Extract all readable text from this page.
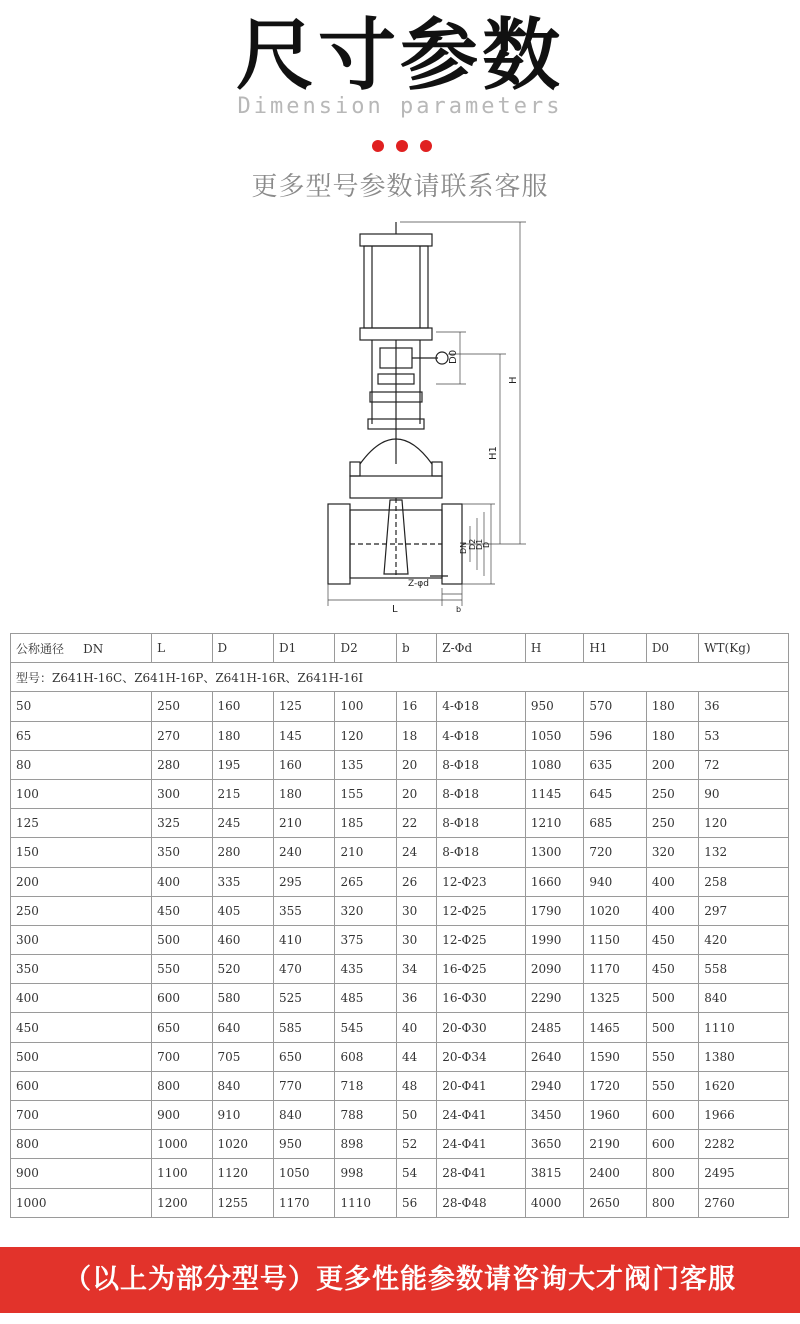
尺寸参数
Dimension parameters
更多型号参数请联系客服
H
H1
D0
DN D2
D1
D
Z-φd
L	b
公称通径     DN	L	D	D1	D2	b	Z-Φd	H	H1	D0	WT(Kg)
型号：Z641H-16C、Z641H-16P、Z641H-16R、Z641H-16I										
50	250	160	125	100	16	4-Φ18	950	570	180	36
65	270	180	145	120	18	4-Φ18	1050	596	180	53
80	280	195	160	135	20	8-Φ18	1080	635	200	72
100	300	215	180	155	20	8-Φ18	1145	645	250	90
125	325	245	210	185	22	8-Φ18	1210	685	250	120
150	350	280	240	210	24	8-Φ18	1300	720	320	132
200	400	335	295	265	26	12-Φ23	1660	940	400	258
250	450	405	355	320	30	12-Φ25	1790	1020	400	297
300	500	460	410	375	30	12-Φ25	1990	1150	450	420
350	550	520	470	435	34	16-Φ25	2090	1170	450	558
400	600	580	525	485	36	16-Φ30	2290	1325	500	840
450	650	640	585	545	40	20-Φ30	2485	1465	500	1110
500	700	705	650	608	44	20-Φ34	2640	1590	550	1380
600	800	840	770	718	48	20-Φ41	2940	1720	550	1620
700	900	910	840	788	50	24-Φ41	3450	1960	600	1966
800	1000	1020	950	898	52	24-Φ41	3650	2190	600	2282
900	1100	1120	1050	998	54	28-Φ41	3815	2400	800	2495
1000	1200	1255	1170	1110	56	28-Φ48	4000	2650	800	2760
（以上为部分型号）更多性能参数请咨询大才阀门客服
